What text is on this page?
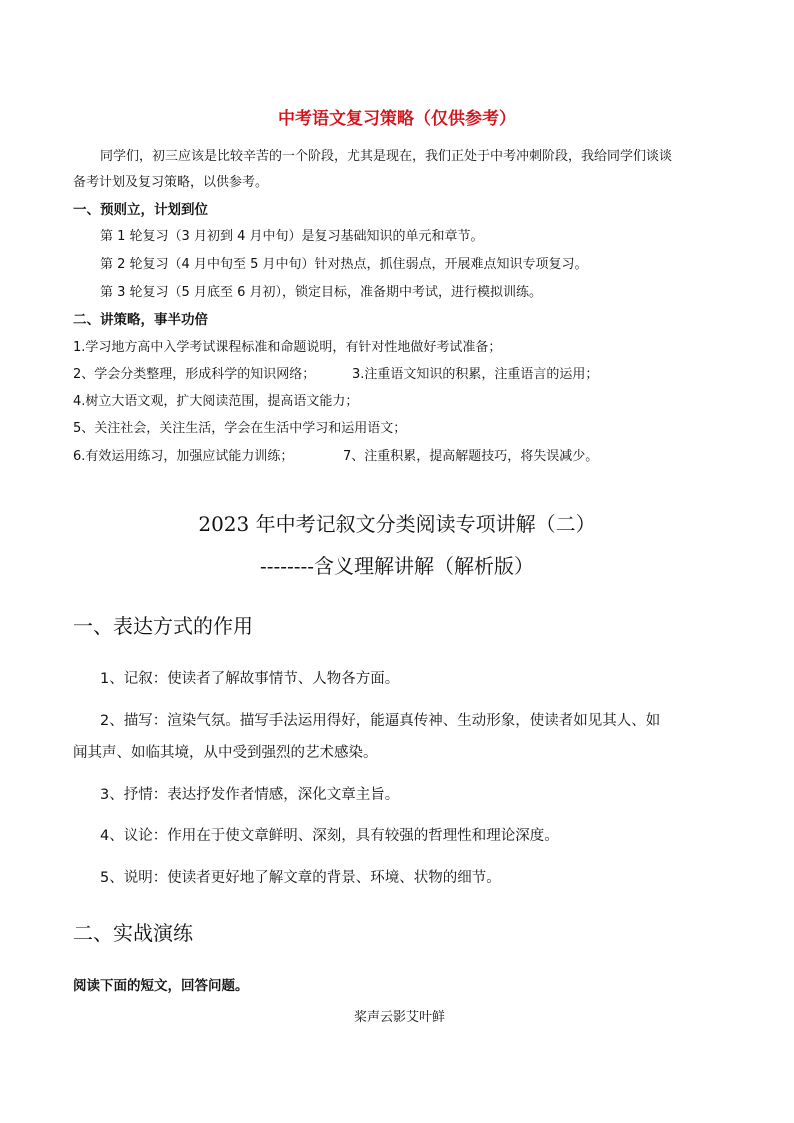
中考语文复习策略（仅供参考）
同学们，初三应该是比较辛苦的一个阶段，尤其是现在，我们正处于中考冲刺阶段，我给同学们谈谈
备考计划及复习策略，以供参考。
一、预则立，计划到位
第 1 轮复习（3 月初到 4 月中旬）是复习基础知识的单元和章节。
第 2 轮复习（4 月中旬至 5 月中旬）针对热点，抓住弱点，开展难点知识专项复习。
第 3 轮复习（5 月底至 6 月初），锁定目标，准备期中考试，进行模拟训练。
二、讲策略，事半功倍
1.学习地方高中入学考试课程标准和命题说明，有针对性地做好考试准备；
2、学会分类整理，形成科学的知识网络；	3.注重语文知识的积累，注重语言的运用；
4.树立大语文观，扩大阅读范围，提高语文能力；
5、关注社会，关注生活，学会在生活中学习和运用语文；
6.有效运用练习，加强应试能力训练；	7、注重积累，提高解题技巧，将失误减少。
2023 年中考记叙文分类阅读专项讲解（二）
--------含义理解讲解（解析版）
一、表达方式的作用
1、记叙：使读者了解故事情节、人物各方面。
2、描写：渲染气氛。描写手法运用得好，能逼真传神、生动形象，使读者如见其人、如
闻其声、如临其境，从中受到强烈的艺术感染。
3、抒情：表达抒发作者情感，深化文章主旨。
4、议论：作用在于使文章鲜明、深刻，具有较强的哲理性和理论深度。
5、说明：使读者更好地了解文章的背景、环境、状物的细节。
二、实战演练
阅读下面的短文，回答问题。
桨声云影艾叶鲜
